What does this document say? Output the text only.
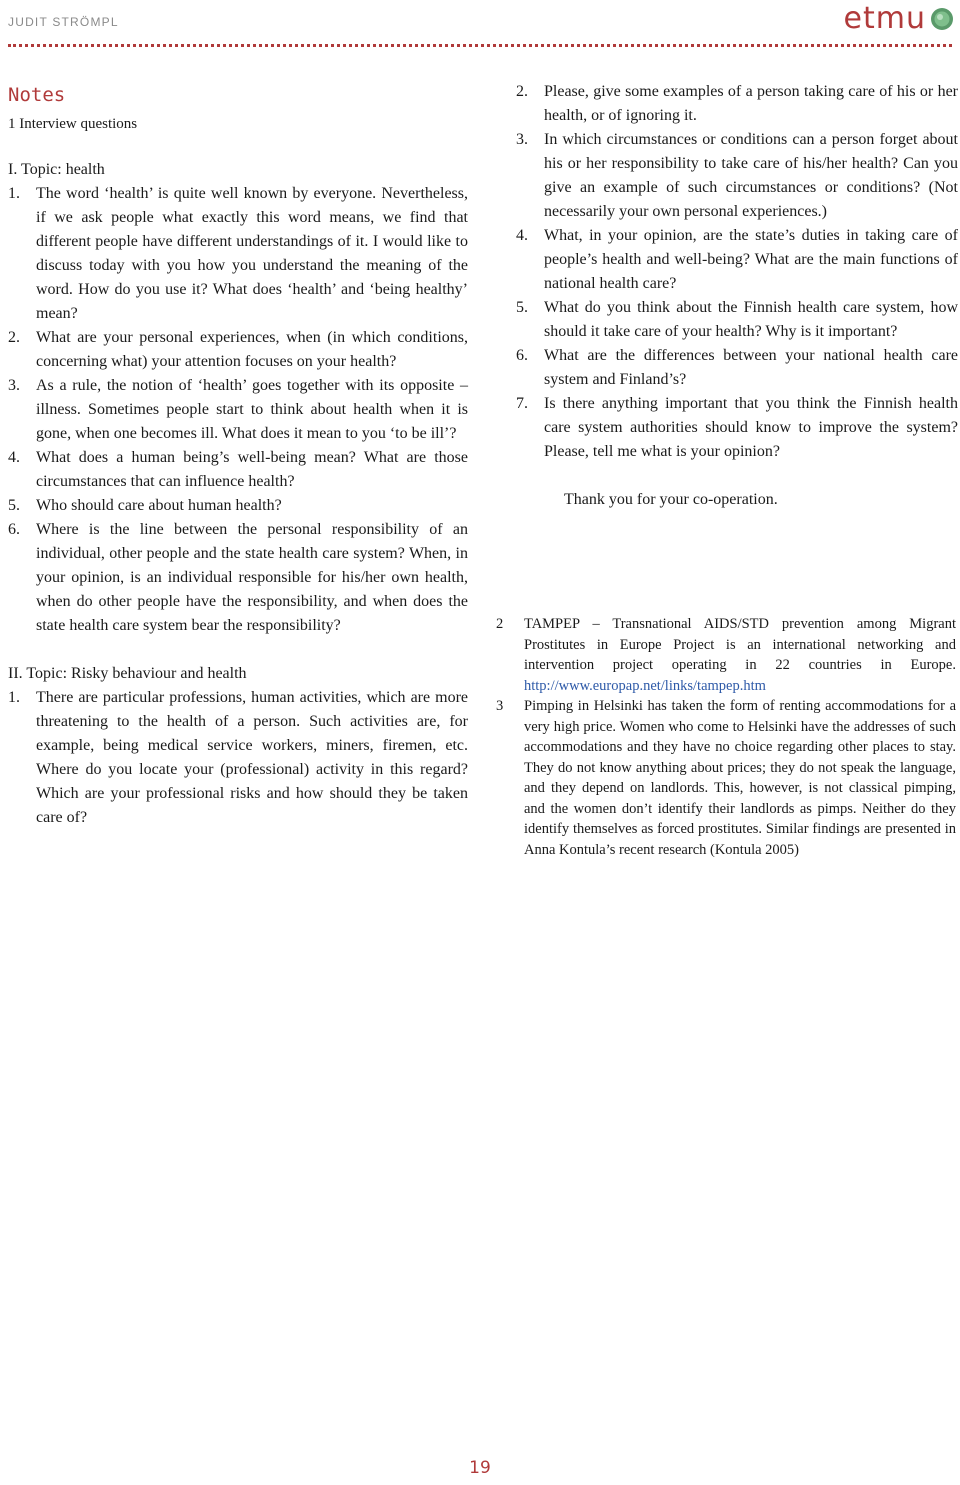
JUDIT STRÖMPL	etmu
Notes
1 Interview questions
I. Topic: health
1.	The word ‘health’ is quite well known by everyone. Nevertheless, if we ask people what exactly this word means, we find that different people have different understandings of it. I would like to discuss today with you how you understand the meaning of the word. How do you use it? What does ‘health’ and ‘being healthy’ mean?
2.	What are your personal experiences, when (in which conditions, concerning what) your attention focuses on your health?
3.	As a rule, the notion of ‘health’ goes together with its opposite – illness. Sometimes people start to think about health when it is gone, when one becomes ill. What does it mean to you ‘to be ill’?
4.	What does a human being’s well-being mean? What are those circumstances that can influence health?
5.	Who should care about human health?
6.	Where is the line between the personal responsibility of an individual, other people and the state health care system? When, in your opinion, is an individual responsible for his/her own health, when do other people have the responsibility, and when does the state health care system bear the responsibility?
II. Topic: Risky behaviour and health
1.	There are particular professions, human activities, which are more threatening to the health of a person. Such activities are, for example, being medical service workers, miners, firemen, etc. Where do you locate your (professional) activity in this regard? Which are your professional risks and how should they be taken care of?
2.	Please, give some examples of a person taking care of his or her health, or of ignoring it.
3.	In which circumstances or conditions can a person forget about his or her responsibility to take care of his/her health? Can you give an example of such circumstances or conditions? (Not necessarily your own personal experiences.)
4.	What, in your opinion, are the state’s duties in taking care of people’s health and well-being? What are the main functions of national health care?
5.	What do you think about the Finnish health care system, how should it take care of your health? Why is it important?
6.	What are the differences between your national health care system and Finland’s?
7.	Is there anything important that you think the Finnish health care system authorities should know to improve the system? Please, tell me what is your opinion?
Thank you for your co-operation.
2	TAMPEP – Transnational AIDS/STD prevention among Migrant Prostitutes in Europe Project is an international networking and intervention project operating in 22 countries in Europe. http://www.europap.net/links/tampep.htm
3	Pimping in Helsinki has taken the form of renting accommodations for a very high price. Women who come to Helsinki have the addresses of such accommodations and they have no choice regarding other places to stay. They do not know anything about prices; they do not speak the language, and they depend on landlords. This, however, is not classical pimping, and the women don’t identify their landlords as pimps. Neither do they identify themselves as forced prostitutes. Similar findings are presented in Anna Kontula’s recent research (Kontula 2005)
19
